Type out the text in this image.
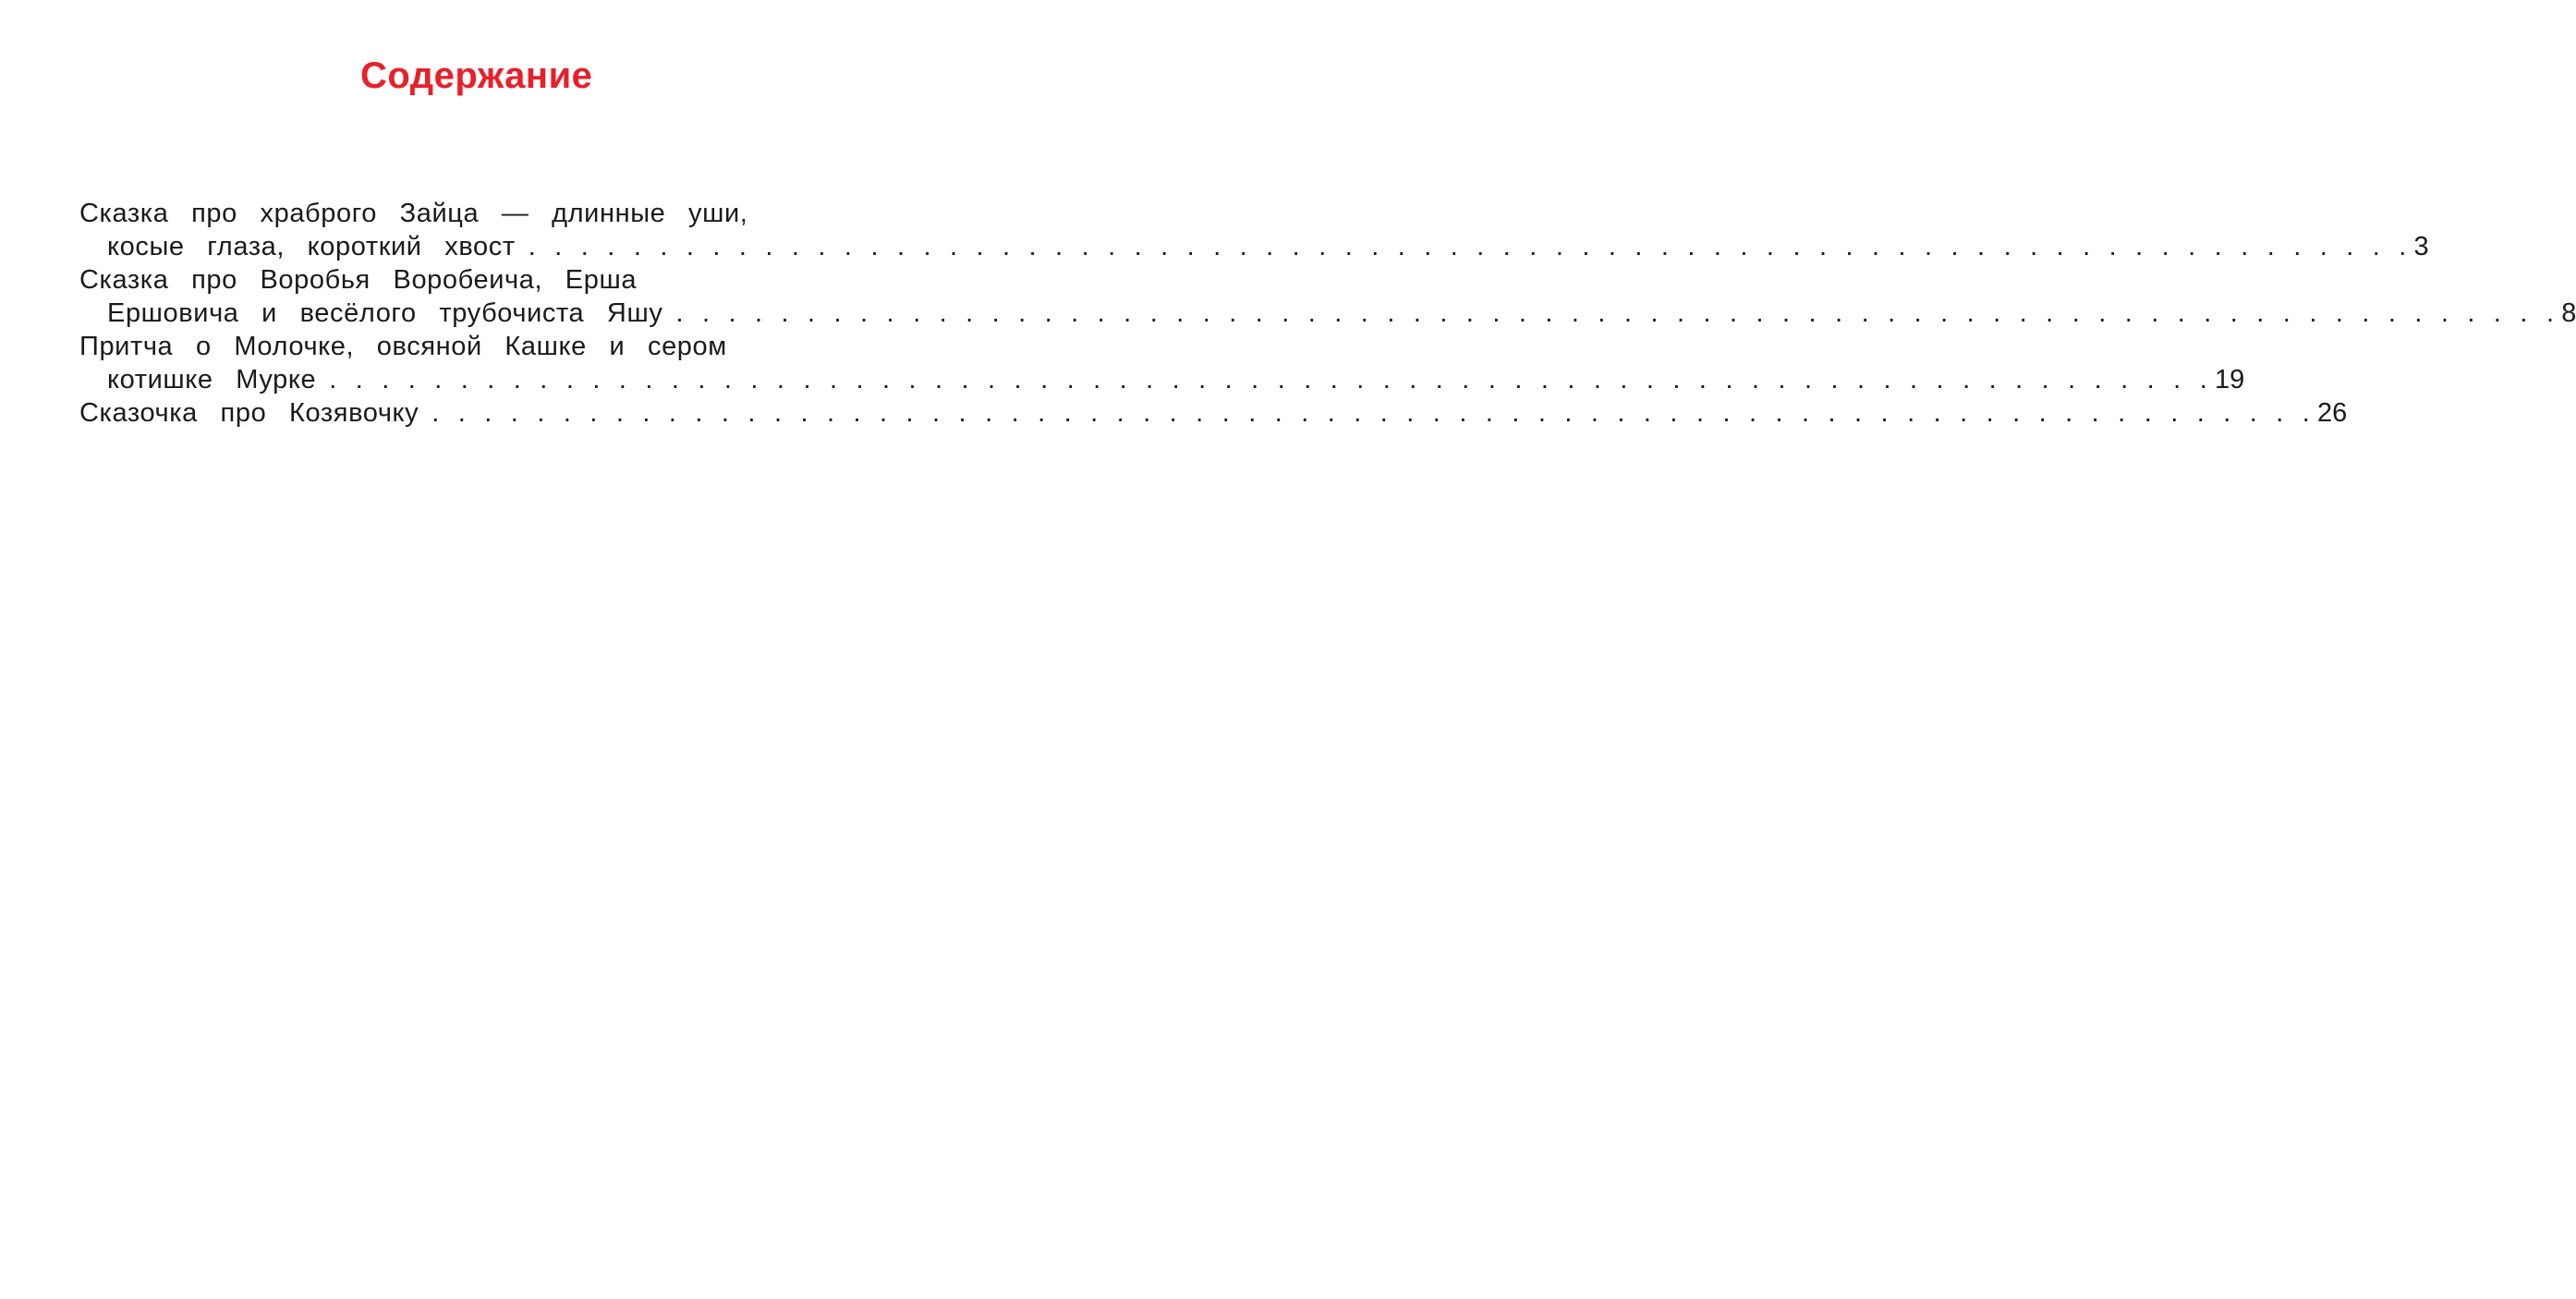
Содержание
Сказка про храброго Зайца — длинные уши,
косые глаза, короткий хвост . . . . . . . . . . . . . . . . . . . . . . . . . . . . . . . . . . . . . . . . . . . . . . . . . . . . . . . . . . . . . . . . . . . . . . . . 3
Сказка про Воробья Воробеича, Ерша
Ершовича и весёлого трубочиста Яшу . . . . . . . . . . . . . . . . . . . . . . . . . . . . . . . . . . . . . . . . . . . . . . . . . . . . . . . . . . . . . . . . . . . . . . . . 8
Притча о Молочке, овсяной Кашке и сером
котишке Мурке . . . . . . . . . . . . . . . . . . . . . . . . . . . . . . . . . . . . . . . . . . . . . . . . . . . . . . . . . . . . . . . . . . . . . . . . 19
Сказочка про Козявочку . . . . . . . . . . . . . . . . . . . . . . . . . . . . . . . . . . . . . . . . . . . . . . . . . . . . . . . . . . . . . . . . . . . . . . . . 26
